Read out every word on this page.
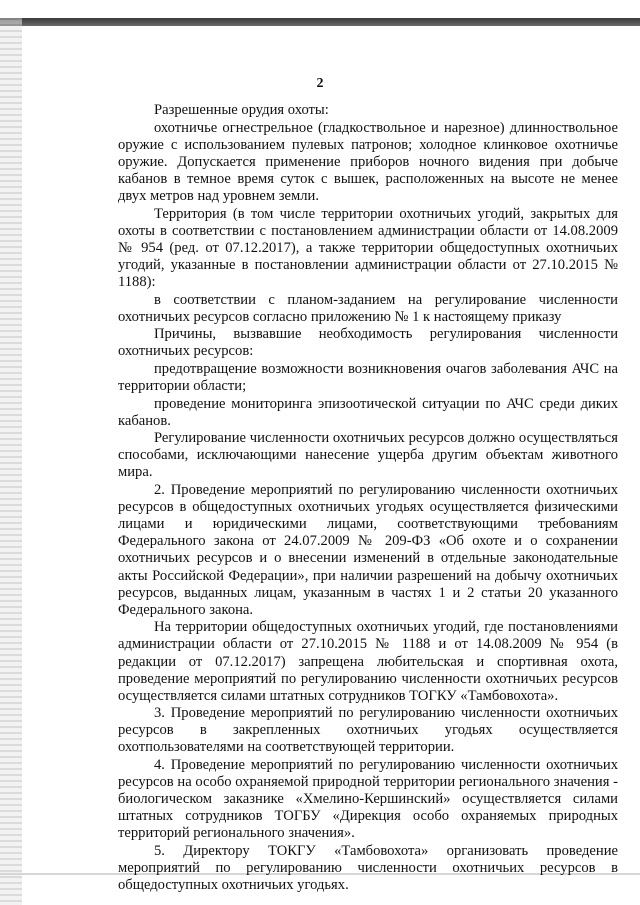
2

Разрешенные орудия охоты:

охотничье огнестрельное (гладкоствольное и нарезное) длинноствольное оружие с использованием пулевых патронов; холодное клинковое охотничье оружие. Допускается применение приборов ночного видения при добыче кабанов в темное время суток с вышек, расположенных на высоте не менее двух метров над уровнем земли.

Территория (в том числе территории охотничьих угодий, закрытых для охоты в соответствии с постановлением администрации области от 14.08.2009 № 954 (ред. от 07.12.2017), а также территории общедоступных охотничьих угодий, указанные в постановлении администрации области от 27.10.2015 № 1188):

в соответствии с планом-заданием на регулирование численности охотничьих ресурсов согласно приложению № 1 к настоящему приказу

Причины, вызвавшие необходимость регулирования численности охотничьих ресурсов:

предотвращение возможности возникновения очагов заболевания АЧС на территории области;

проведение мониторинга эпизоотической ситуации по АЧС среди диких кабанов.

Регулирование численности охотничьих ресурсов должно осуществляться способами, исключающими нанесение ущерба другим объектам животного мира.

2. Проведение мероприятий по регулированию численности охотничьих ресурсов в общедоступных охотничьих угодьях осуществляется физическими лицами и юридическими лицами, соответствующими требованиям Федерального закона от 24.07.2009 № 209-ФЗ «Об охоте и о сохранении охотничьих ресурсов и о внесении изменений в отдельные законодательные акты Российской Федерации», при наличии разрешений на добычу охотничьих ресурсов, выданных лицам, указанным в частях 1 и 2 статьи 20 указанного Федерального закона.

На территории общедоступных охотничьих угодий, где постановлениями администрации области от 27.10.2015 № 1188 и от 14.08.2009 № 954 (в редакции от 07.12.2017) запрещена любительская и спортивная охота, проведение мероприятий по регулированию численности охотничьих ресурсов осуществляется силами штатных сотрудников ТОГКУ «Тамбовохота».

3. Проведение мероприятий по регулированию численности охотничьих ресурсов в закрепленных охотничьих угодьях осуществляется охотпользователями на соответствующей территории.

4. Проведение мероприятий по регулированию численности охотничьих ресурсов на особо охраняемой природной территории регионального значения - биологическом заказнике «Хмелино-Кершинский» осуществляется силами штатных сотрудников ТОГБУ «Дирекция особо охраняемых природных территорий регионального значения».

5. Директору ТОКГУ «Тамбовохота» организовать проведение мероприятий по регулированию численности охотничьих ресурсов в общедоступных охотничьих угодьях.
